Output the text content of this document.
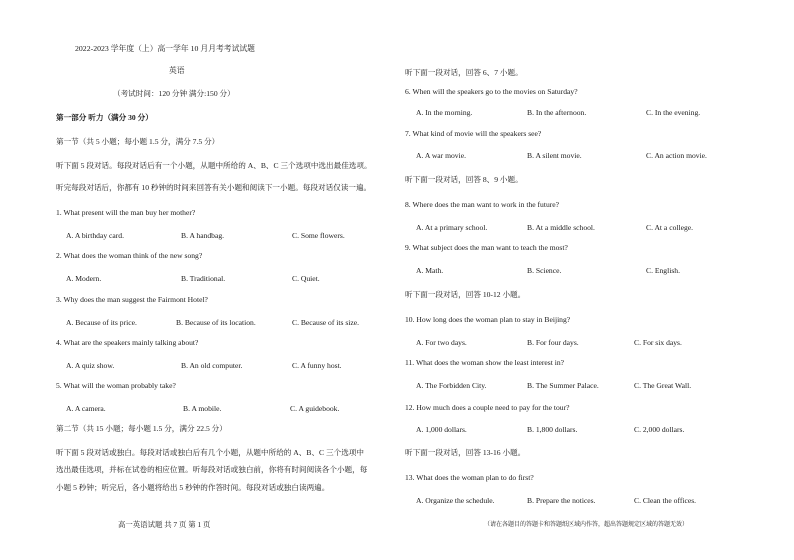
2022-2023 学年度（上）高一学年 10 月月考考试试题
英语
（考试时间：120 分钟 满分:150 分）
第一部分 听力（满分 30 分）
第一节（共 5 小题；每小题 1.5 分，满分 7.5 分）
听下面 5 段对话。每段对话后有一个小题，从题中所给的 A、B、C 三个选项中选出最佳选项。
听完每段对话后，你都有 10 秒钟的时间来回答有关小题和阅读下一小题。每段对话仅读一遍。
1. What present will the man buy her mother?
A. A birthday card.	B. A handbag.	C. Some flowers.
2. What does the woman think of the new song?
A. Modern.	B. Traditional.	C. Quiet.
3. Why does the man suggest the Fairmont Hotel?
A. Because of its price.	B. Because of its location.	C. Because of its size.
4. What are the speakers mainly talking about?
A. A quiz show.	B. An old computer.	C. A funny host.
5. What will the woman probably take?
A. A camera.	B. A mobile.	C. A guidebook.
第二节（共 15 小题；每小题 1.5 分，满分 22.5 分）
听下面 5 段对话或独白。每段对话或独白后有几个小题，从题中所给的 A、B、C 三个选项中
选出最佳选项，并标在试卷的相应位置。听每段对话或独白前，你将有时间阅读各个小题，每
小题 5 秒钟；听完后，各小题将给出 5 秒钟的作答时间。每段对话或独白读两遍。
听下面一段对话，回答 6、7 小题。
6. When will the speakers go to the movies on Saturday?
A. In the morning.	B. In the afternoon.	C. In the evening.
7. What kind of movie will the speakers see?
A. A war movie.	B. A silent movie.	C. An action movie.
听下面一段对话，回答 8、9 小题。
8. Where does the man want to work in the future?
A. At a primary school.	B. At a middle school.	C. At a college.
9. What subject does the man want to teach the most?
A. Math.	B. Science.	C. English.
听下面一段对话，回答 10-12 小题。
10. How long does the woman plan to stay in Beijing?
A. For two days.	B. For four days.	C. For six days.
11. What does the woman show the least interest in?
A. The Forbidden City.	B. The Summer Palace.	C. The Great Wall.
12. How much does a couple need to pay for the tour?
A. 1,000 dollars.	B. 1,800 dollars.	C. 2,000 dollars.
听下面一段对话，回答 13-16 小题。
13. What does the woman plan to do first?
A. Organize the schedule.	B. Prepare the notices.	C. Clean the offices.
高一英语试题 共 7 页 第 1 页	（请在各题目的答题卡和答题纸区域内作答，超出答题规定区域的答题无效）
